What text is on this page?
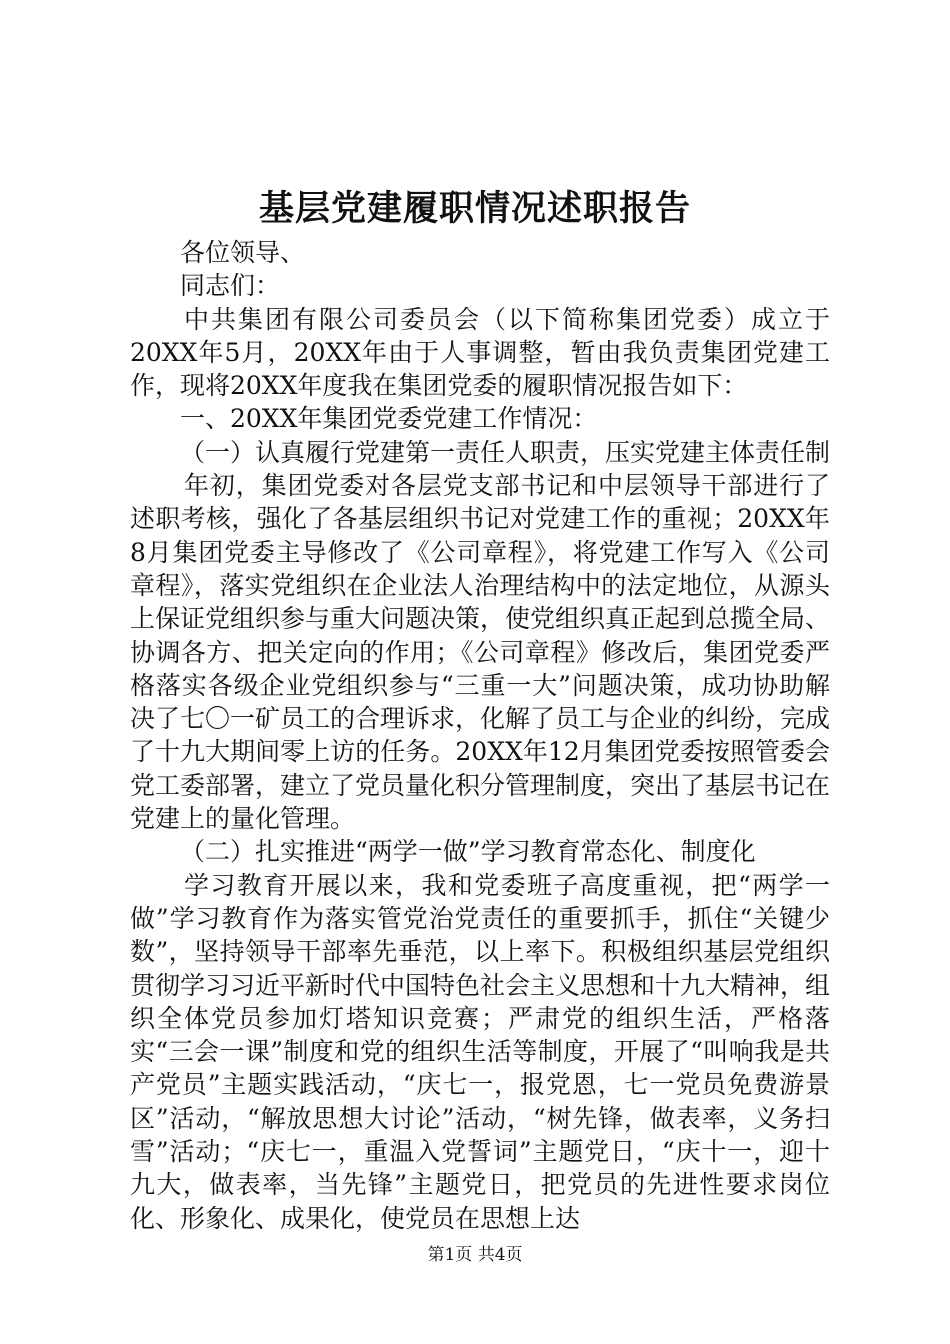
基层党建履职情况述职报告

各位领导、

同志们：

中共集团有限公司委员会（以下简称集团党委）成立于20XX年5月，20XX年由于人事调整，暂由我负责集团党建工作，现将20XX年度我在集团党委的履职情况报告如下：

一、20XX年集团党委党建工作情况：

（一）认真履行党建第一责任人职责，压实党建主体责任制

年初，集团党委对各层党支部书记和中层领导干部进行了述职考核，强化了各基层组织书记对党建工作的重视；20XX年8月集团党委主导修改了《公司章程》，将党建工作写入《公司章程》，落实党组织在企业法人治理结构中的法定地位，从源头上保证党组织参与重大问题决策，使党组织真正起到总揽全局、协调各方、把关定向的作用；《公司章程》修改后，集团党委严格落实各级企业党组织参与“三重一大”问题决策，成功协助解决了七〇一矿员工的合理诉求，化解了员工与企业的纠纷，完成了十九大期间零上访的任务。20XX年12月集团党委按照管委会党工委部署，建立了党员量化积分管理制度，突出了基层书记在党建上的量化管理。

（二）扎实推进“两学一做”学习教育常态化、制度化

学习教育开展以来，我和党委班子高度重视，把“两学一做”学习教育作为落实管党治党责任的重要抓手，抓住“关键少数”，坚持领导干部率先垂范，以上率下。积极组织基层党组织贯彻学习习近平新时代中国特色社会主义思想和十九大精神，组织全体党员参加灯塔知识竞赛；严肃党的组织生活，严格落实“三会一课”制度和党的组织生活等制度，开展了“叫响我是共产党员”主题实践活动，“庆七一，报党恩，七一党员免费游景区”活动，“解放思想大讨论”活动，“树先锋，做表率，义务扫雪”活动；“庆七一，重温入党誓词”主题党日，“庆十一，迎十九大，做表率，当先锋”主题党日，把党员的先进性要求岗位化、形象化、成果化，使党员在思想上达

第1页 共4页
